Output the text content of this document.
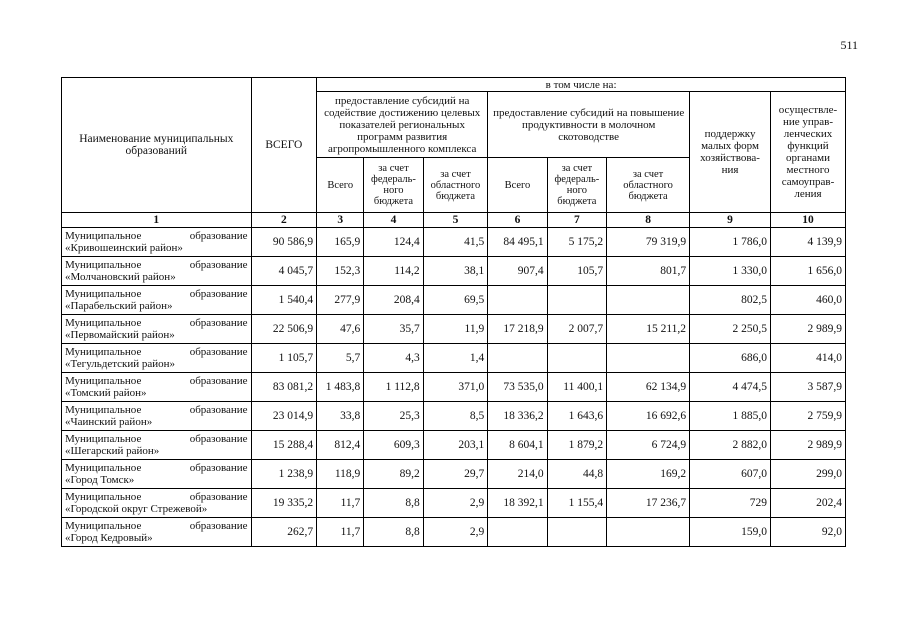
511
Наименование муниципальных образований	ВСЕГО	в том числе на:							
		предоставление субсидий на содействие достижению целевых показателей региональных программ развития агропромышленного комплекса			предоставление субсидий на повышение продуктивности в молочном скотоводстве			поддержку малых форм хозяйствова-ния	осуществле-ние управ-ленческих функций органами местного самоуправ-ления
		Всего	за счет федераль-ного бюджета	за счет областного бюджета	Всего	за счет федераль-ного бюджета	за счет областного бюджета		
1	2	3	4	5	6	7	8	9	10

Муниципальное образование
«Кривошеинский район»	90 586,9	165,9	124,4	41,5	84 495,1	5 175,2	79 319,9	1 786,0	4 139,9

Муниципальное образование
«Молчановский район»	4 045,7	152,3	114,2	38,1	907,4	105,7	801,7	1 330,0	1 656,0

Муниципальное образование
«Парабельский район»	1 540,4	277,9	208,4	69,5				802,5	460,0

Муниципальное образование
«Первомайский район»	22 506,9	47,6	35,7	11,9	17 218,9	2 007,7	15 211,2	2 250,5	2 989,9

Муниципальное образование
«Тегульдетский район»	1 105,7	5,7	4,3	1,4				686,0	414,0

Муниципальное образование
«Томский район»	83 081,2	1 483,8	1 112,8	371,0	73 535,0	11 400,1	62 134,9	4 474,5	3 587,9

Муниципальное образование
«Чаинский район»	23 014,9	33,8	25,3	8,5	18 336,2	1 643,6	16 692,6	1 885,0	2 759,9

Муниципальное образование
«Шегарский район»	15 288,4	812,4	609,3	203,1	8 604,1	1 879,2	6 724,9	2 882,0	2 989,9

Муниципальное образование
«Город Томск»	1 238,9	118,9	89,2	29,7	214,0	44,8	169,2	607,0	299,0

Муниципальное образование
«Городской округ Стрежевой»	19 335,2	11,7	8,8	2,9	18 392,1	1 155,4	17 236,7	729	202,4

Муниципальное образование
«Город Кедровый»	262,7	11,7	8,8	2,9				159,0	92,0
